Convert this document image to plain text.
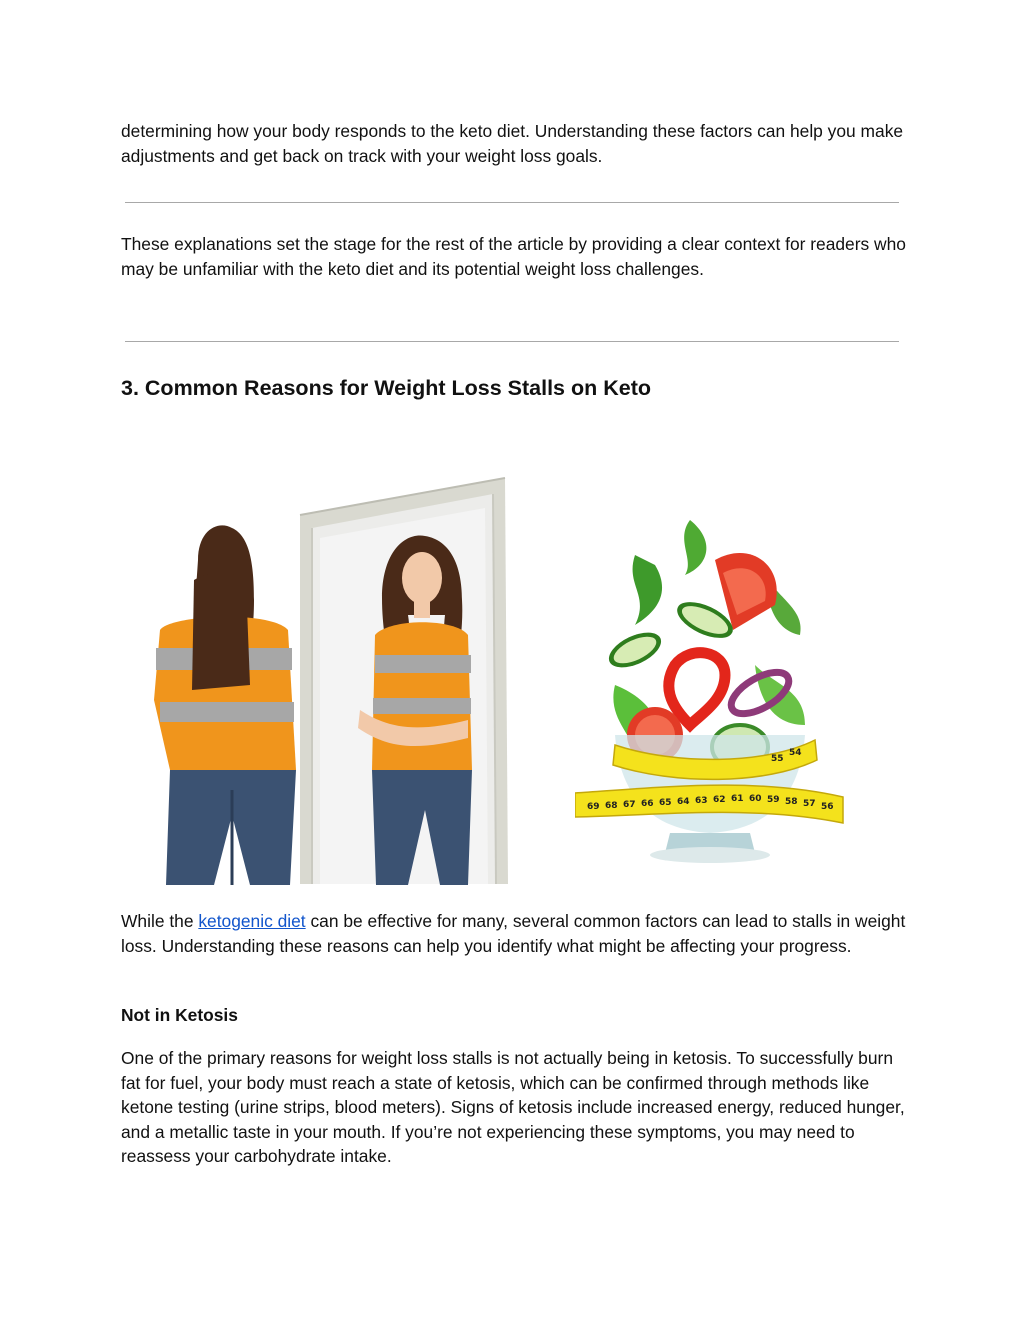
determining how your body responds to the keto diet. Understanding these factors can help you make adjustments and get back on track with your weight loss goals.

These explanations set the stage for the rest of the article by providing a clear context for readers who may be unfamiliar with the keto diet and its potential weight loss challenges.

3. Common Reasons for Weight Loss Stalls on Keto
69 68 67 66 65 64 63 62 61 60 59 58 57 56
55
54

While the ketogenic diet can be effective for many, several common factors can lead to stalls in weight loss. Understanding these reasons can help you identify what might be affecting your progress.

Not in Ketosis

One of the primary reasons for weight loss stalls is not actually being in ketosis. To successfully burn fat for fuel, your body must reach a state of ketosis, which can be confirmed through methods like ketone testing (urine strips, blood meters). Signs of ketosis include increased energy, reduced hunger, and a metallic taste in your mouth. If you’re not experiencing these symptoms, you may need to reassess your carbohydrate intake.
